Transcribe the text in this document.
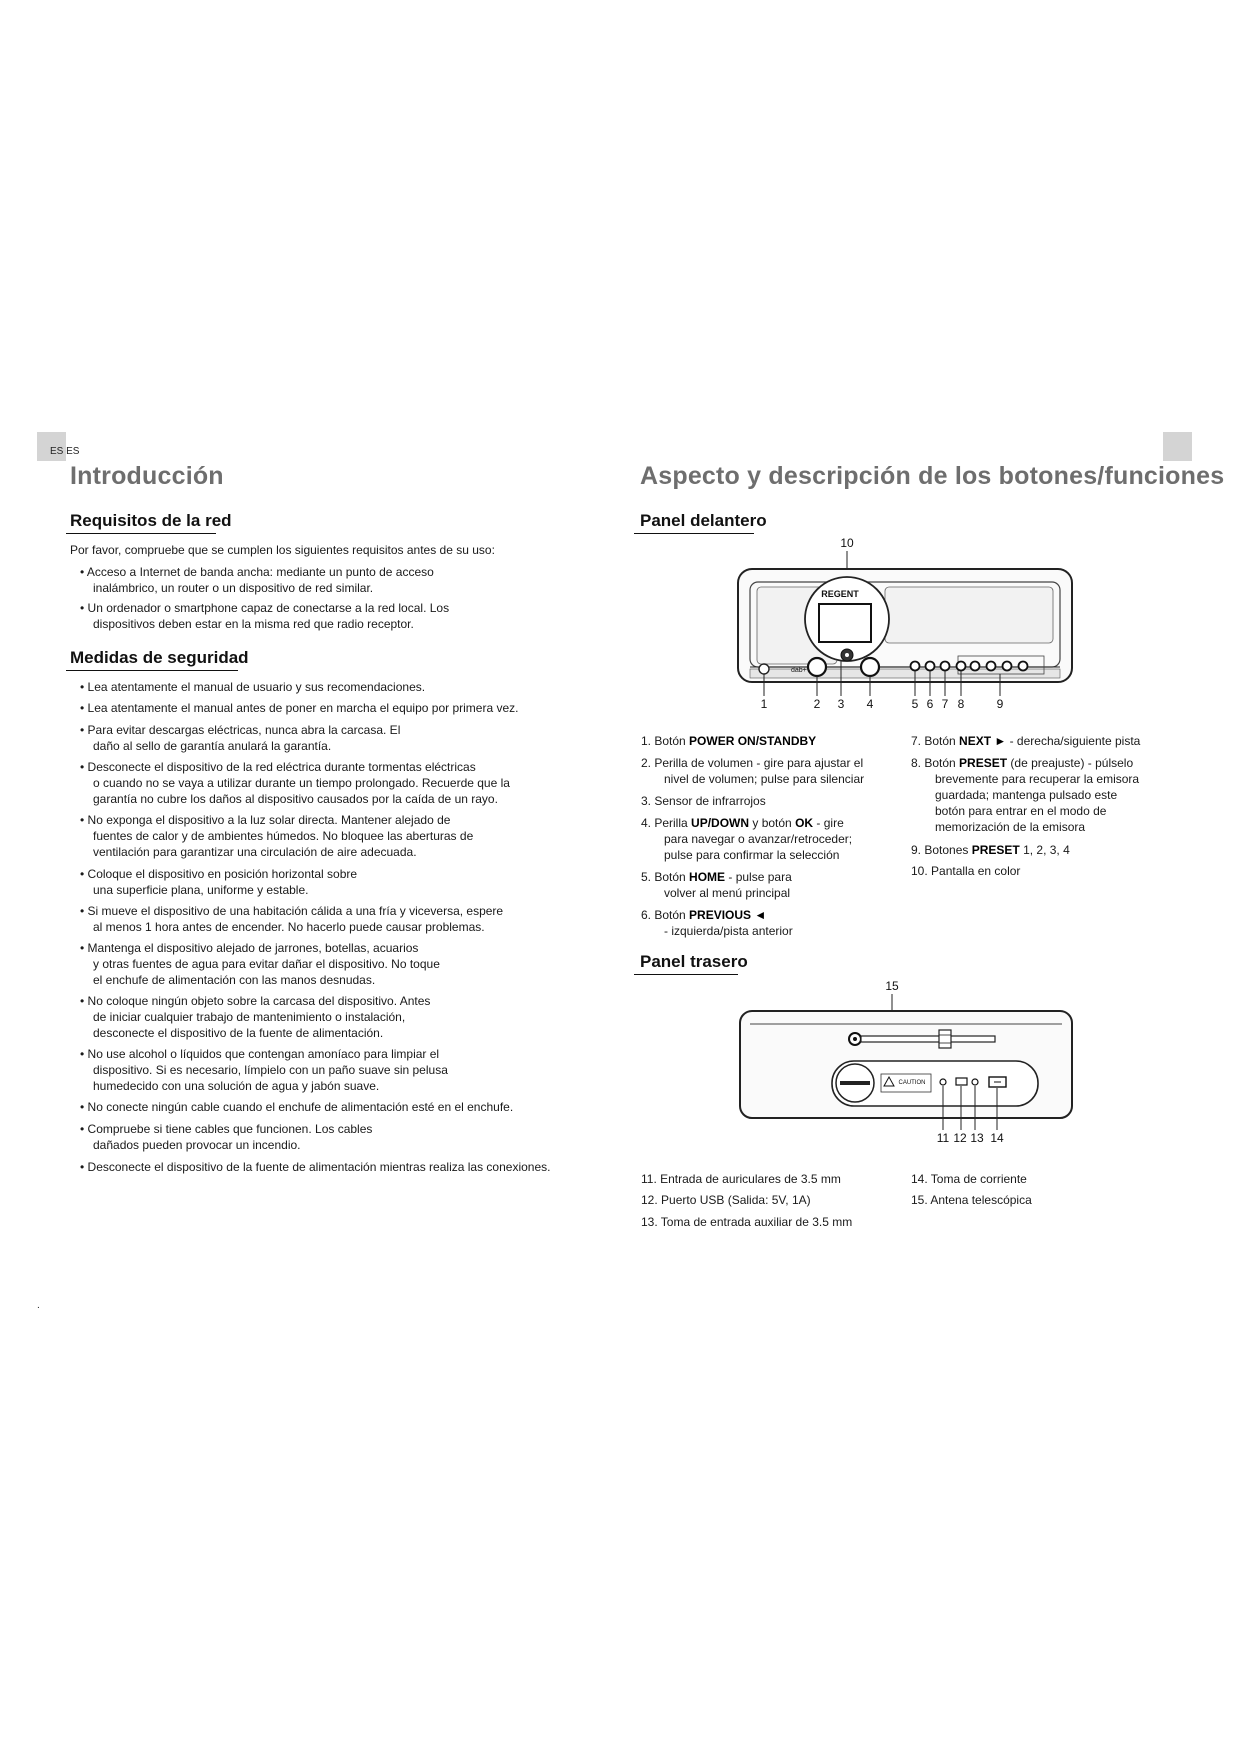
ES ES
Introducción
Requisitos de la red
Por favor, compruebe que se cumplen los siguientes requisitos antes de su uso:
• Acceso a Internet de banda ancha: mediante un punto de acceso
inalámbrico, un router o un dispositivo de red similar.
• Un ordenador o smartphone capaz de conectarse a la red local. Los
dispositivos deben estar en la misma red que radio receptor.
Medidas de seguridad
• Lea atentamente el manual de usuario y sus recomendaciones.
• Lea atentamente el manual antes de poner en marcha el equipo por primera vez.
• Para evitar descargas eléctricas, nunca abra la carcasa. El
daño al sello de garantía anulará la garantía.
• Desconecte el dispositivo de la red eléctrica durante tormentas eléctricas
o cuando no se vaya a utilizar durante un tiempo prolongado. Recuerde que la
garantía no cubre los daños al dispositivo causados por la caída de un rayo.
• No exponga el dispositivo a la luz solar directa. Mantener alejado de
fuentes de calor y de ambientes húmedos. No bloquee las aberturas de
ventilación para garantizar una circulación de aire adecuada.
• Coloque el dispositivo en posición horizontal sobre
una superficie plana, uniforme y estable.
• Si mueve el dispositivo de una habitación cálida a una fría y viceversa, espere
al menos 1 hora antes de encender. No hacerlo puede causar problemas.
• Mantenga el dispositivo alejado de jarrones, botellas, acuarios
y otras fuentes de agua para evitar dañar el dispositivo. No toque
el enchufe de alimentación con las manos desnudas.
• No coloque ningún objeto sobre la carcasa del dispositivo. Antes
de iniciar cualquier trabajo de mantenimiento o instalación,
desconecte el dispositivo de la fuente de alimentación.
• No use alcohol o líquidos que contengan amoníaco para limpiar el
dispositivo. Si es necesario, límpielo con un paño suave sin pelusa
humedecido con una solución de agua y jabón suave.
• No conecte ningún cable cuando el enchufe de alimentación esté en el enchufe.
• Compruebe si tiene cables que funcionen. Los cables
dañados pueden provocar un incendio.
• Desconecte el dispositivo de la fuente de alimentación mientras realiza las conexiones.
.
Aspecto y descripción de los botones/funciones
Panel delantero
10
REGENT
dab+
1	2 3 4	5 6 7 8	9
1. Botón POWER ON/STANDBY
2. Perilla de volumen - gire para ajustar el
nivel de volumen; pulse para silenciar
3. Sensor de infrarrojos
4. Perilla UP/DOWN y botón OK - gire
para navegar o avanzar/retroceder;
pulse para confirmar la selección
5. Botón HOME - pulse para
volver al menú principal
6. Botón PREVIOUS ◄
- izquierda/pista anterior
7. Botón NEXT ► - derecha/siguiente pista
8. Botón PRESET (de preajuste) - púlselo
brevemente para recuperar la emisora
guardada; mantenga pulsado este
botón para entrar en el modo de
memorización de la emisora
9. Botones PRESET 1, 2, 3, 4
10. Pantalla en color
Panel trasero
15
CAUTION
11 12 13 14
11. Entrada de auriculares de 3.5 mm
12. Puerto USB (Salida: 5V, 1A)
13. Toma de entrada auxiliar de 3.5 mm
14. Toma de corriente
15. Antena telescópica
